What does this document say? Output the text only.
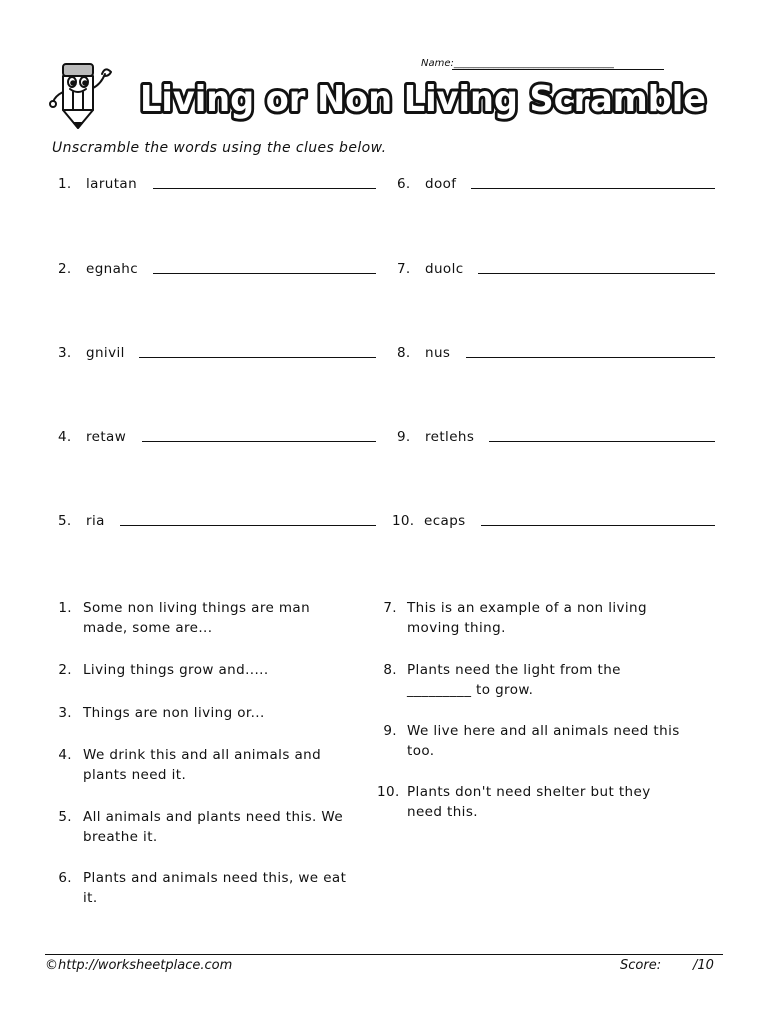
Name:________________________________
Living or Non Living Scramble
Unscramble the words using the clues below.
1. larutan
2. egnahc
3. gnivil
4. retaw
5. ria
6. doof
7. duolc
8. nus
9. retlehs
10. ecaps
1. Some non living things are man
made, some are...
2. Living things grow and.....
3. Things are non living or...
4. We drink this and all animals and
plants need it.
5. All animals and plants need this. We
breathe it.
6. Plants and animals need this, we eat
it.
7. This is an example of a non living
moving thing.
8. Plants need the light from the
_________ to grow.
9. We live here and all animals need this
too.
10. Plants don't need shelter but they
need this.
©http://worksheetplace.com	Score: /10
